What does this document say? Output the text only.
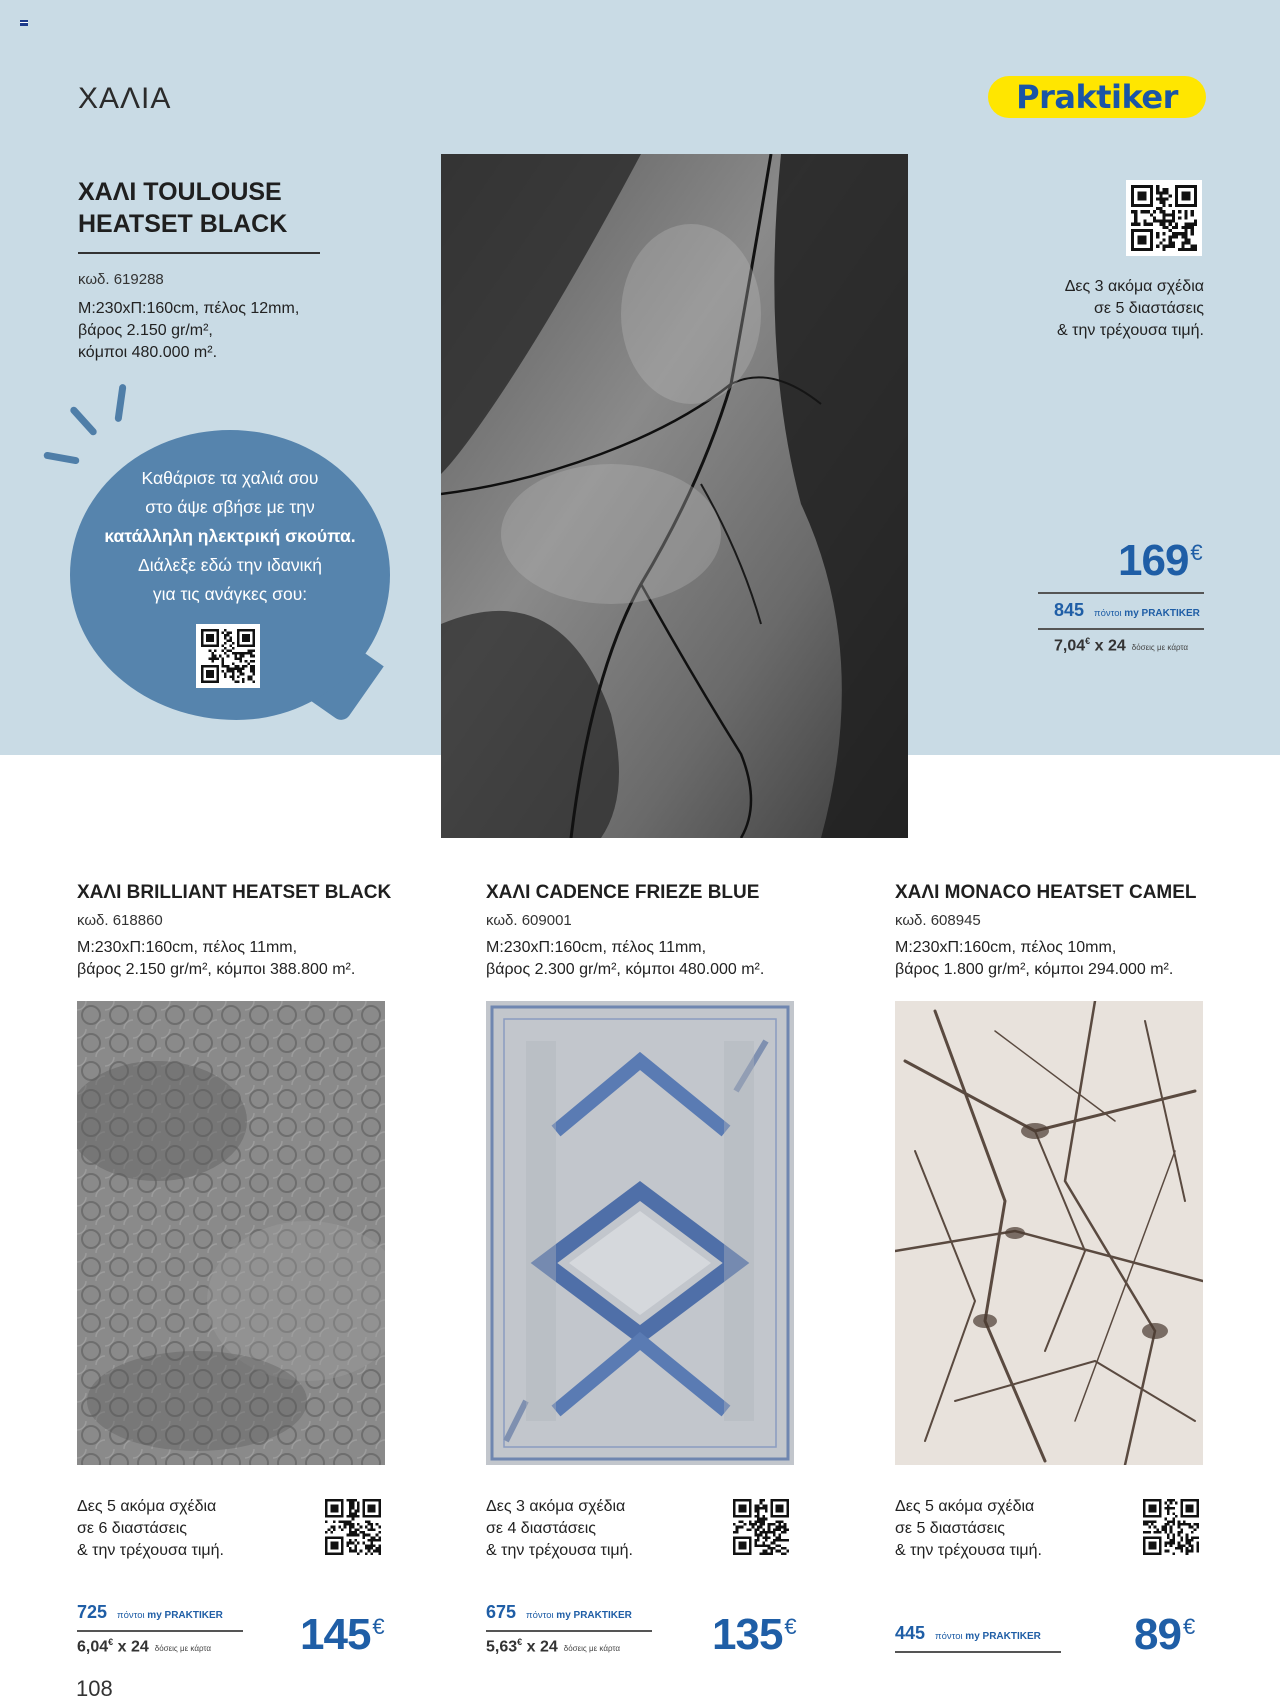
ΧΑΛΙΑ	Praktiker
ΧΑΛΙ TOULOUSE HEATSET BLACK
κωδ. 619288
Μ:230xΠ:160cm, πέλος 12mm,
βάρος 2.150 gr/m²,
κόμποι 480.000 m².
Καθάρισε τα χαλιά σου
στο άψε σβήσε με την
κατάλληλη ηλεκτρική σκούπα.
Διάλεξε εδώ την ιδανική
για τις ανάγκες σου:
Δες 3 ακόμα σχέδια
σε 5 διαστάσεις
& την τρέχουσα τιμή.
169€
845 πόντοι my PRAKTIKER
7,04€ x 24 δόσεις με κάρτα
ΧΑΛΙ BRILLIANT HEATSET BLACK
κωδ. 618860
Μ:230xΠ:160cm, πέλος 11mm,
βάρος 2.150 gr/m², κόμποι 388.800 m².
Δες 5 ακόμα σχέδια
σε 6 διαστάσεις
& την τρέχουσα τιμή.
725 πόντοι my PRAKTIKER
6,04€ x 24 δόσεις με κάρτα 145€
ΧΑΛΙ CADENCE FRIEZE BLUE
κωδ. 609001
Μ:230xΠ:160cm, πέλος 11mm,
βάρος 2.300 gr/m², κόμποι 480.000 m².
Δες 3 ακόμα σχέδια
σε 4 διαστάσεις
& την τρέχουσα τιμή.
675 πόντοι my PRAKTIKER
5,63€ x 24 δόσεις με κάρτα 135€
ΧΑΛΙ MONACO HEATSET CAMEL
κωδ. 608945
Μ:230xΠ:160cm, πέλος 10mm,
βάρος 1.800 gr/m², κόμποι 294.000 m².
Δες 5 ακόμα σχέδια
σε 5 διαστάσεις
& την τρέχουσα τιμή.
445 πόντοι my PRAKTIKER 89€
108
